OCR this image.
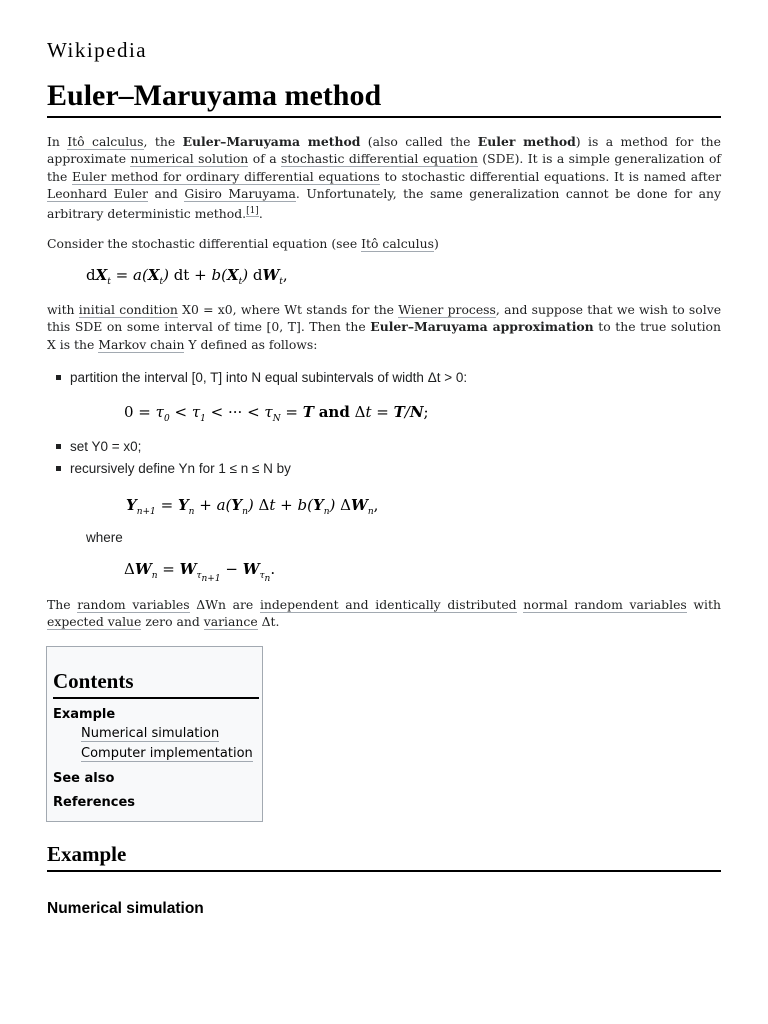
Wikipedia
Euler–Maruyama method

In Itô calculus, the Euler–Maruyama method (also called the Euler method) is a method for the approximate numerical solution of a stochastic differential equation (SDE). It is a simple generalization of the Euler method for ordinary differential equations to stochastic differential equations. It is named after Leonhard Euler and Gisiro Maruyama. Unfortunately, the same generalization cannot be done for any arbitrary deterministic method.[1].

Consider the stochastic differential equation (see Itô calculus)

$dX_t = a(X_t)$ dt + $b(X_t)$ $dW_t$,

with initial condition X0 = x0, where Wt stands for the Wiener process, and suppose that we wish to solve this SDE on some interval of time [0, T]. Then the Euler–Maruyama approximation to the true solution X is the Markov chain Y defined as follows:

partition the interval [0, T] into N equal subintervals of width Δt > 0:
$0 = \tau_0 < \tau_1$ < ··· < $\tau_N = T$ and Δt = T/N;
set Y0 = x0;
recursively define Yn for 1 ≤ n ≤ N by
$Y_{n+1} = Y_n + a(Y_n) \Delta t + b(Y_n)$ $\Delta W_n$,
where
$\Delta W_n = W_{\tau_{n+1}} - W_{\tau_n}$.

The random variables ΔWn are independent and identically distributed normal random variables with expected value zero and variance Δt.

Contents
Example
Numerical simulation
Computer implementation
See also
References
Example
Numerical simulation
